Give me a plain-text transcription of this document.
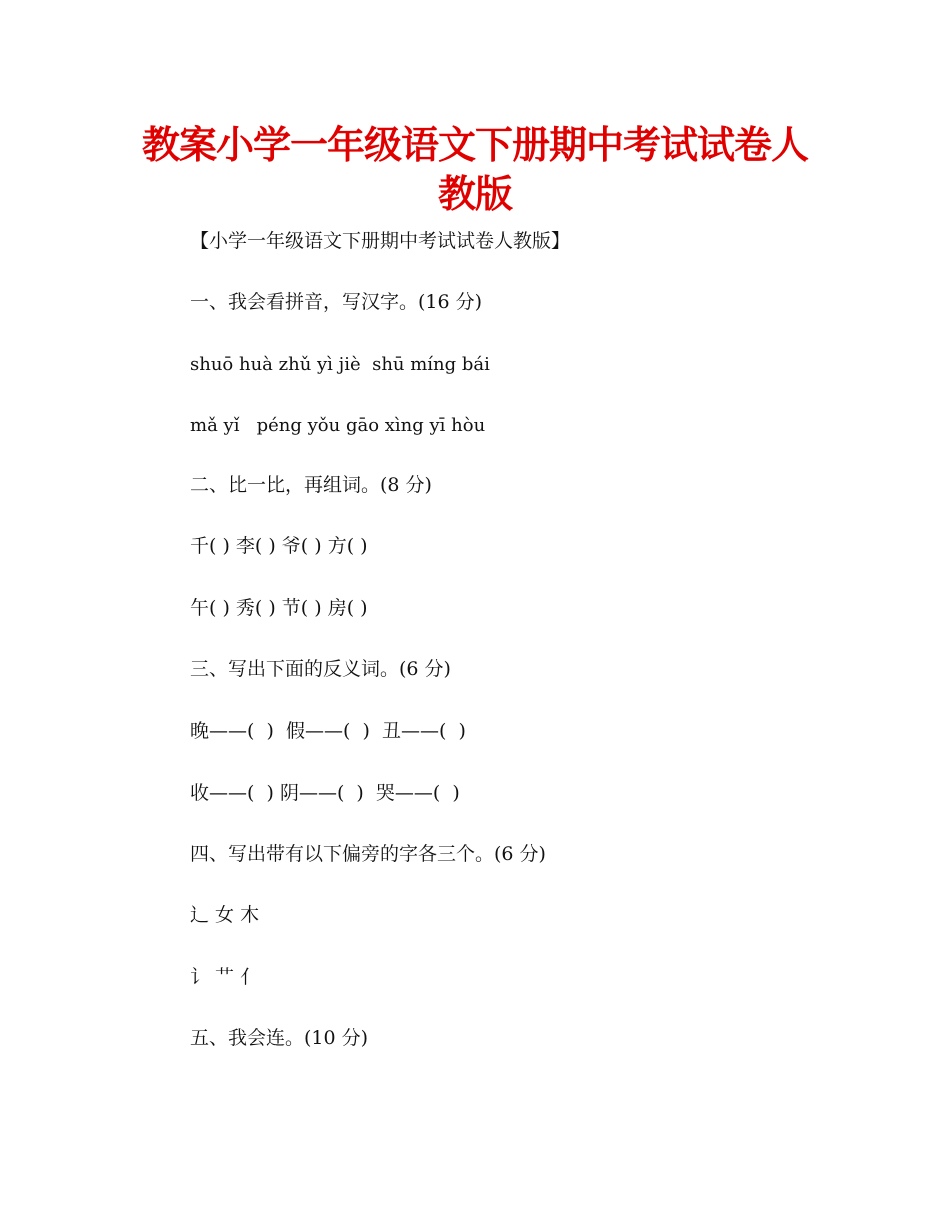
教案小学一年级语文下册期中考试试卷人
教版

【小学一年级语文下册期中考试试卷人教版】

一、我会看拼音，写汉字。(16 分)

shuō huà zhǔ yì jiè  shū míng bái

mǎ yǐ   péng yǒu gāo xìng yī hòu

二、比一比，再组词。(8 分)

千( ) 李( ) 爷( ) 方( )

午( ) 秀( ) 节( ) 房( )

三、写出下面的反义词。(6 分)

晚——(  )  假——(  )  丑——(  )

收——(  ) 阴——(  )  哭——(  )

四、写出带有以下偏旁的字各三个。(6 分)

辶 女 木

讠 艹 亻

五、我会连。(10 分)
